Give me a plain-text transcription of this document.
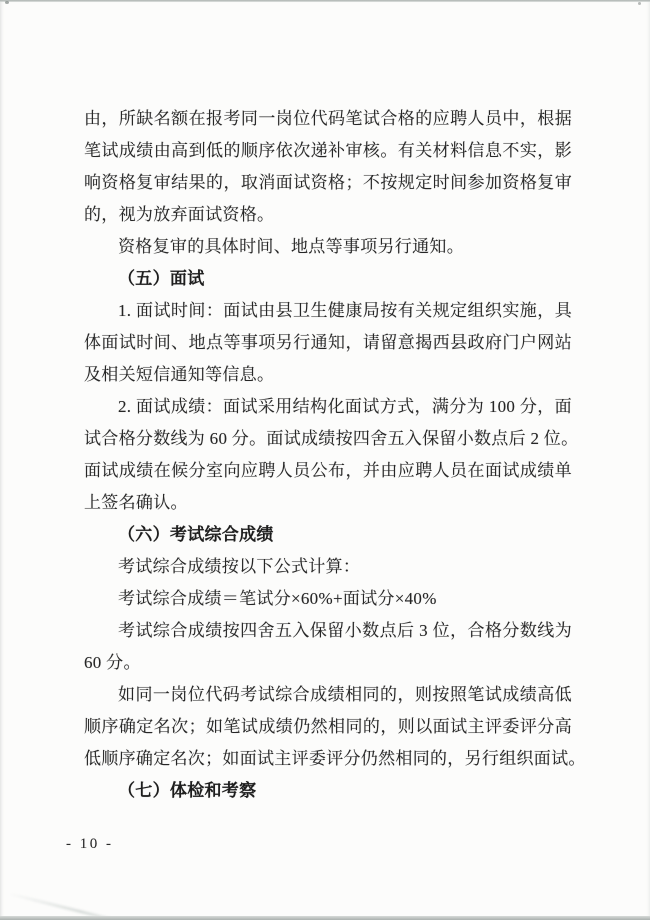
由，所缺名额在报考同一岗位代码笔试合格的应聘人员中，根据
笔试成绩由高到低的顺序依次递补审核。有关材料信息不实，影
响资格复审结果的，取消面试资格；不按规定时间参加资格复审
的，视为放弃面试资格。
资格复审的具体时间、地点等事项另行通知。
（五）面试
1. 面试时间：面试由县卫生健康局按有关规定组织实施，具
体面试时间、地点等事项另行通知，请留意揭西县政府门户网站
及相关短信通知等信息。
2. 面试成绩：面试采用结构化面试方式，满分为 100 分，面
试合格分数线为 60 分。面试成绩按四舍五入保留小数点后 2 位。
面试成绩在候分室向应聘人员公布，并由应聘人员在面试成绩单
上签名确认。
（六）考试综合成绩
考试综合成绩按以下公式计算：
考试综合成绩＝笔试分×60%+面试分×40%
考试综合成绩按四舍五入保留小数点后 3 位，合格分数线为
60 分。
如同一岗位代码考试综合成绩相同的，则按照笔试成绩高低
顺序确定名次；如笔试成绩仍然相同的，则以面试主评委评分高
低顺序确定名次；如面试主评委评分仍然相同的，另行组织面试。
（七）体检和考察
- 10 -
